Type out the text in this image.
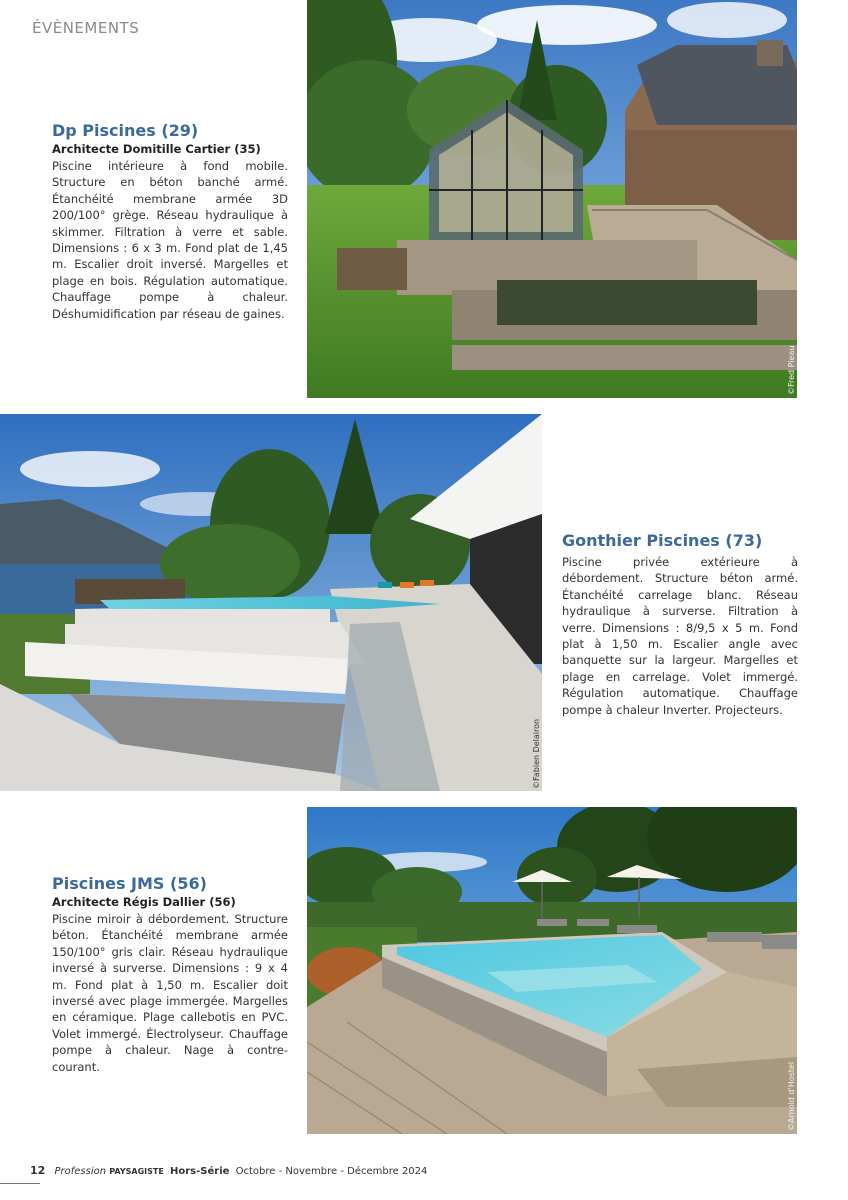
ÉVÈNEMENTS
©Fred Pieau
Dp Piscines (29)
Architecte Domitille Cartier (35)

Piscine intérieure à fond mobile. Structure en béton banché armé. Étanchéité membrane armée 3D 200/100° grège. Réseau hydraulique à skimmer. Filtration à verre et sable. Dimensions : 6 x 3 m. Fond plat de 1,45 m. Escalier droit inversé. Margelles et plage en bois. Régulation automatique. Chauffage pompe à chaleur. Déshumidification par réseau de gaines.

©Fabien Delairon
Gonthier Piscines (73)

Piscine privée extérieure à débordement. Structure béton armé. Étanchéité carrelage blanc. Réseau hydraulique à surverse. Filtration à verre. Dimensions : 8/9,5 x 5 m. Fond plat à 1,50 m. Escalier angle avec banquette sur la largeur. Margelles et plage en carrelage. Volet immergé. Régulation automatique. Chauffage pompe à chaleur Inverter. Projecteurs.

©Arnold d'Hostel
Piscines JMS (56)
Architecte Régis Dallier (56)

Piscine miroir à débordement. Structure béton. Étanchéité membrane armée 150/100° gris clair. Réseau hydraulique inversé à surverse. Dimensions : 9 x 4 m. Fond plat à 1,50 m. Escalier doit inversé avec plage immergée. Margelles en céramique. Plage callebotis en PVC. Volet immergé. Électrolyseur. Chauffage pompe à chaleur. Nage à contre-courant.

12 Profession PAYSAGISTE Hors-Série Octobre - Novembre - Décembre 2024
